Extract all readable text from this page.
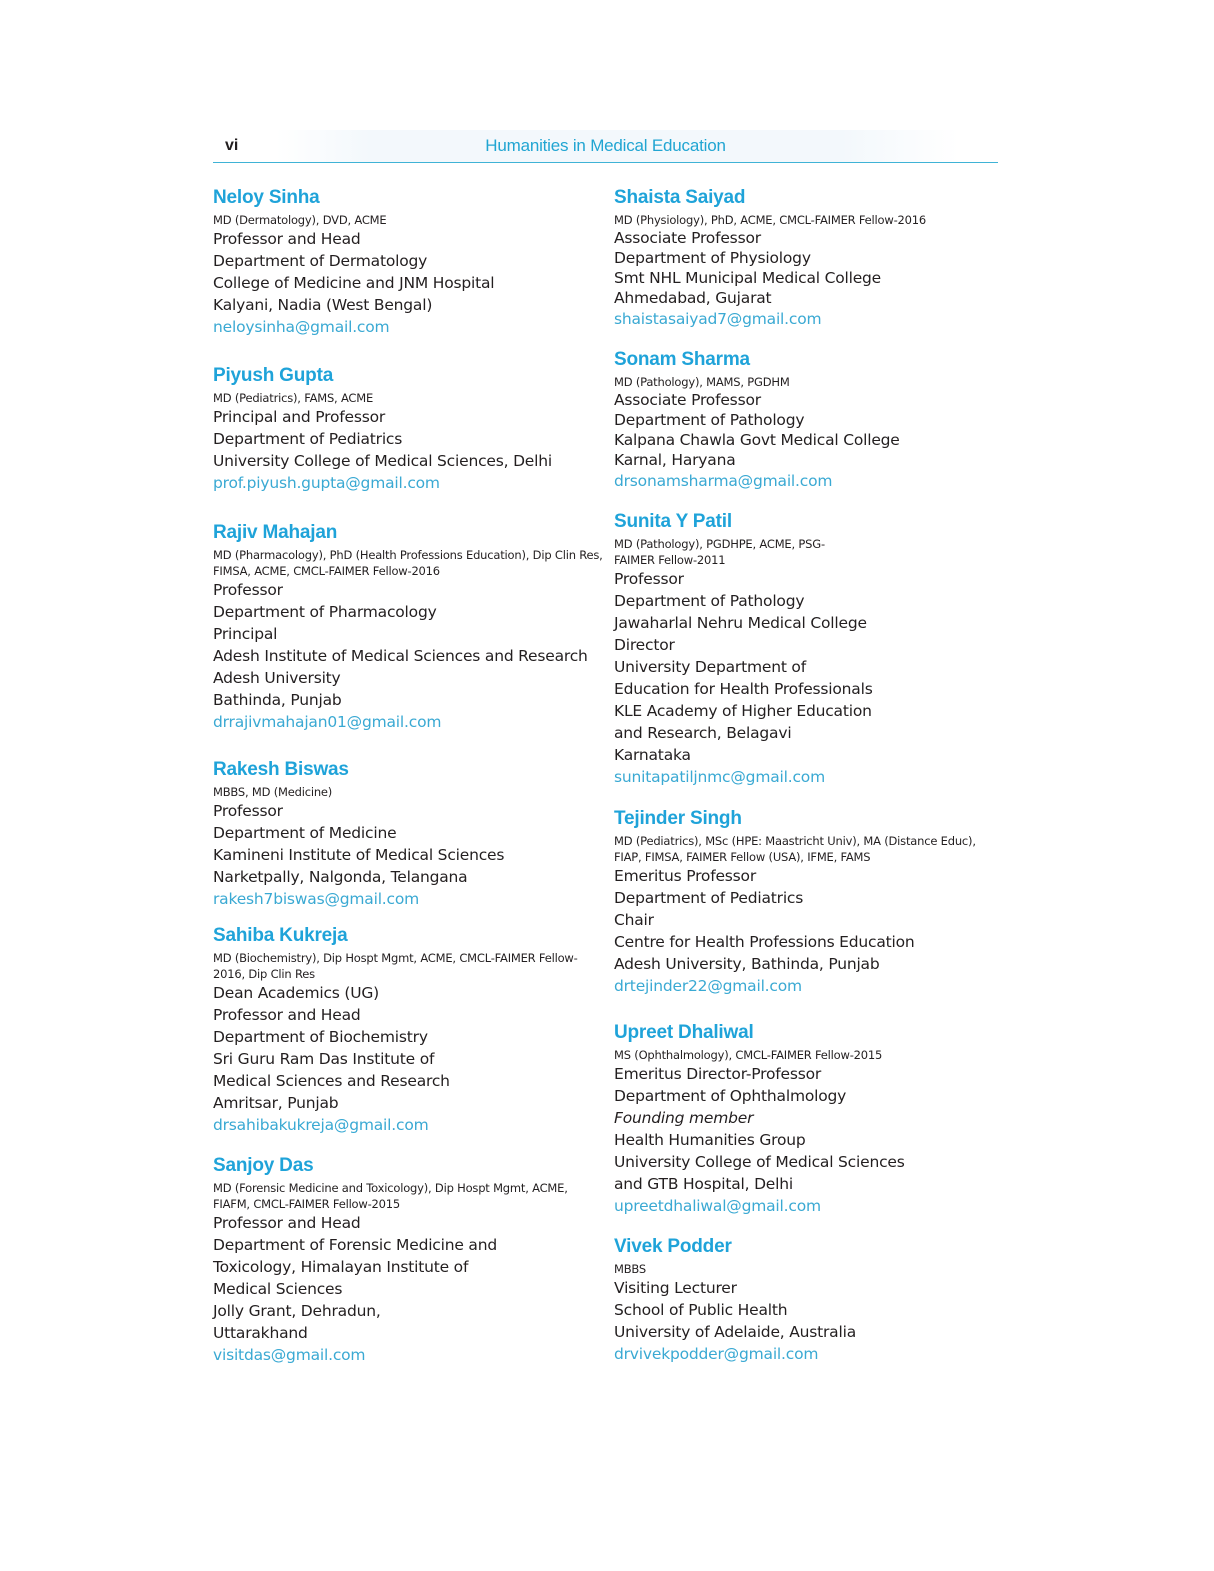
vi	Humanities in Medical Education
Neloy Sinha
MD (Dermatology), DVD, ACME
Professor and Head
Department of Dermatology
College of Medicine and JNM Hospital
Kalyani, Nadia (West Bengal)
neloysinha@gmail.com
Piyush Gupta
MD (Pediatrics), FAMS, ACME
Principal and Professor
Department of Pediatrics
University College of Medical Sciences, Delhi
prof.piyush.gupta@gmail.com
Rajiv Mahajan
MD (Pharmacology), PhD (Health Professions Education), Dip Clin Res, FIMSA, ACME, CMCL-FAIMER Fellow-2016
Professor
Department of Pharmacology
Principal
Adesh Institute of Medical Sciences and Research
Adesh University
Bathinda, Punjab
drrajivmahajan01@gmail.com
Rakesh Biswas
MBBS, MD (Medicine)
Professor
Department of Medicine
Kamineni Institute of Medical Sciences
Narketpally, Nalgonda, Telangana
rakesh7biswas@gmail.com
Sahiba Kukreja
MD (Biochemistry), Dip Hospt Mgmt, ACME, CMCL-FAIMER Fellow-2016, Dip Clin Res
Dean Academics (UG)
Professor and Head
Department of Biochemistry
Sri Guru Ram Das Institute of
Medical Sciences and Research
Amritsar, Punjab
drsahibakukreja@gmail.com
Sanjoy Das
MD (Forensic Medicine and Toxicology), Dip Hospt Mgmt, ACME, FIAFM, CMCL-FAIMER Fellow-2015
Professor and Head
Department of Forensic Medicine and
Toxicology, Himalayan Institute of
Medical Sciences
Jolly Grant, Dehradun,
Uttarakhand
visitdas@gmail.com
Shaista Saiyad
MD (Physiology), PhD, ACME, CMCL-FAIMER Fellow-2016
Associate Professor
Department of Physiology
Smt NHL Municipal Medical College
Ahmedabad, Gujarat
shaistasaiyad7@gmail.com
Sonam Sharma
MD (Pathology), MAMS, PGDHM
Associate Professor
Department of Pathology
Kalpana Chawla Govt Medical College
Karnal, Haryana
drsonamsharma@gmail.com
Sunita Y Patil
MD (Pathology), PGDHPE, ACME, PSG-FAIMER Fellow-2011
Professor
Department of Pathology
Jawaharlal Nehru Medical College
Director
University Department of
Education for Health Professionals
KLE Academy of Higher Education
and Research, Belagavi
Karnataka
sunitapatiljnmc@gmail.com
Tejinder Singh
MD (Pediatrics), MSc (HPE: Maastricht Univ), MA (Distance Educ), FIAP, FIMSA, FAIMER Fellow (USA), IFME, FAMS
Emeritus Professor
Department of Pediatrics
Chair
Centre for Health Professions Education
Adesh University, Bathinda, Punjab
drtejinder22@gmail.com
Upreet Dhaliwal
MS (Ophthalmology), CMCL-FAIMER Fellow-2015
Emeritus Director-Professor
Department of Ophthalmology
Founding member
Health Humanities Group
University College of Medical Sciences
and GTB Hospital, Delhi
upreetdhaliwal@gmail.com
Vivek Podder
MBBS
Visiting Lecturer
School of Public Health
University of Adelaide, Australia
drvivekpodder@gmail.com
